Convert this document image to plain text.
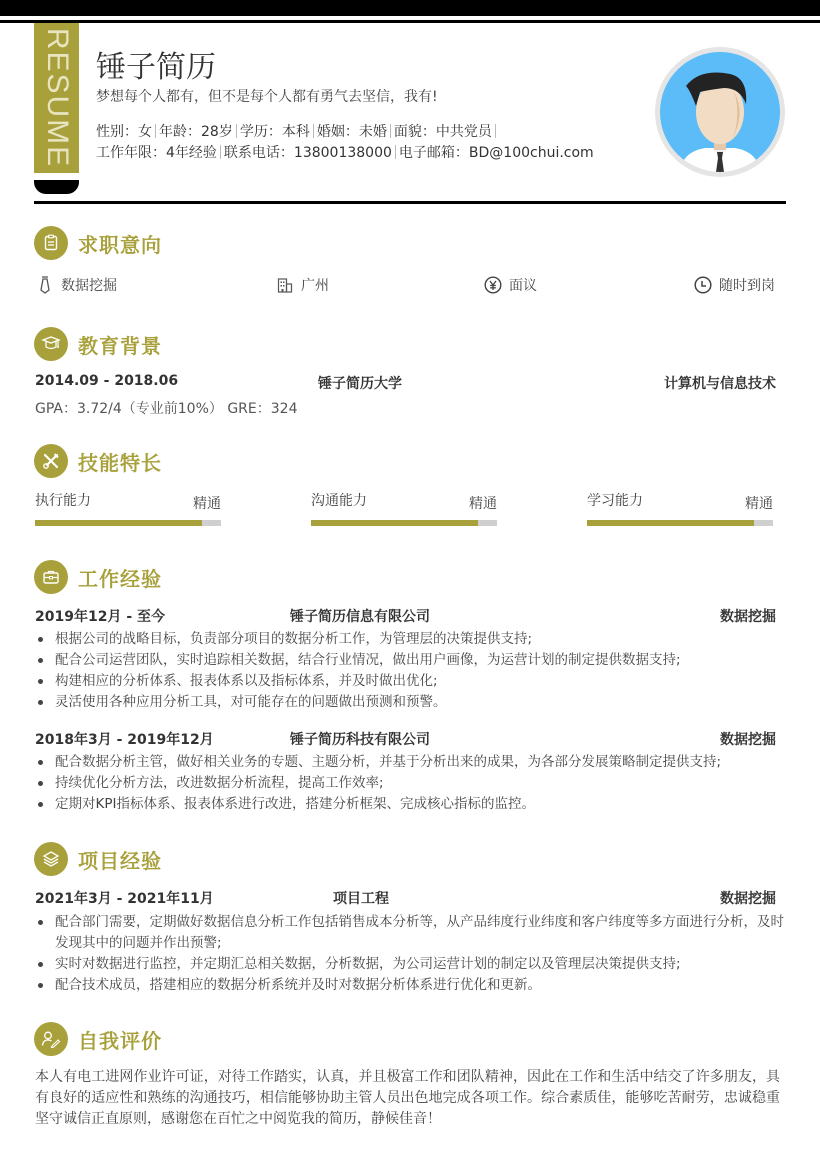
RESUME 锤子简历
梦想每个人都有，但不是每个人都有勇气去坚信，我有!
性别：女 年龄：28岁 学历：本科 婚姻：未婚 面貌：中共党员
工作年限：4年经验 联系电话：13800138000 电子邮箱：BD@100chui.com
求职意向
数据挖掘	广州	面议	随时到岗
教育背景
2014.09 - 2018.06	锤子简历大学	计算机与信息技术
GPA：3.72/4（专业前10%） GRE：324
技能特长
执行能力	精通	沟通能力	精通	学习能力	精通
工作经验
2019年12月 - 至今	锤子简历信息有限公司	数据挖掘
根据公司的战略目标，负责部分项目的数据分析工作，为管理层的决策提供支持;
配合公司运营团队，实时追踪相关数据，结合行业情况，做出用户画像，为运营计划的制定提供数据支持;
构建相应的分析体系、报表体系以及指标体系，并及时做出优化;
灵活使用各种应用分析工具，对可能存在的问题做出预测和预警。
2018年3月 - 2019年12月	锤子简历科技有限公司	数据挖掘
配合数据分析主管，做好相关业务的专题、主题分析，并基于分析出来的成果，为各部分发展策略制定提供支持;
持续优化分析方法，改进数据分析流程，提高工作效率;
定期对KPI指标体系、报表体系进行改进，搭建分析框架、完成核心指标的监控。
项目经验
2021年3月 - 2021年11月	项目工程	数据挖掘
配合部门需要，定期做好数据信息分析工作包括销售成本分析等，从产品纬度行业纬度和客户纬度等多方面进行分析，及时发现其中的问题并作出预警;
实时对数据进行监控，并定期汇总相关数据，分析数据，为公司运营计划的制定以及管理层决策提供支持;
配合技术成员，搭建相应的数据分析系统并及时对数据分析体系进行优化和更新。
自我评价
本人有电工进网作业许可证，对待工作踏实，认真，并且极富工作和团队精神，因此在工作和生活中结交了许多朋友，具有良好的适应性和熟练的沟通技巧，相信能够协助主管人员出色地完成各项工作。综合素质佳，能够吃苦耐劳，忠诚稳重坚守诚信正直原则，感谢您在百忙之中阅览我的简历，静候佳音！
